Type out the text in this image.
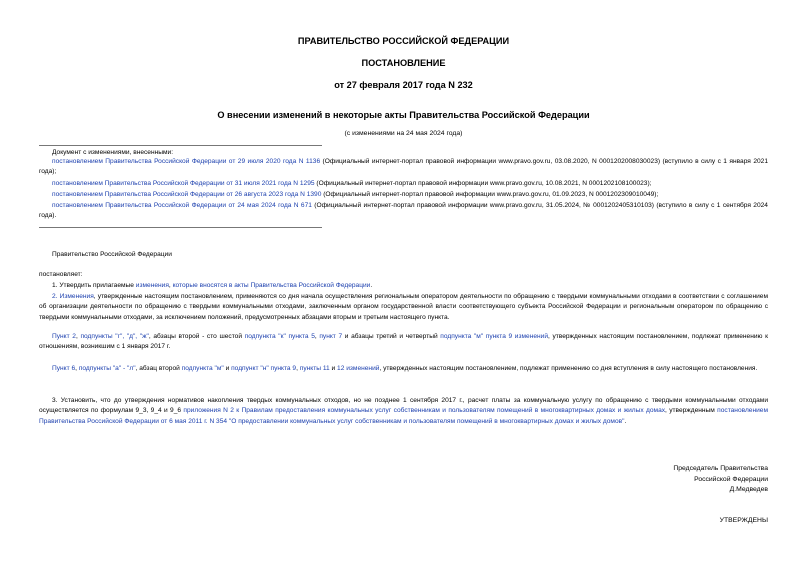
ПРАВИТЕЛЬСТВО РОССИЙСКОЙ ФЕДЕРАЦИИ
ПОСТАНОВЛЕНИЕ
от 27 февраля 2017 года N 232
О внесении изменений в некоторые акты Правительства Российской Федерации
(с изменениями на 24 мая 2024 года)
Документ с изменениями, внесенными:
постановлением Правительства Российской Федерации от 29 июля 2020 года N 1136 (Официальный интернет-портал правовой информации www.pravo.gov.ru, 03.08.2020, N 0001202008030023) (вступило в силу с 1 января 2021 года);
постановлением Правительства Российской Федерации от 31 июля 2021 года N 1295 (Официальный интернет-портал правовой информации www.pravo.gov.ru, 10.08.2021, N 0001202108100023);
постановлением Правительства Российской Федерации от 26 августа 2023 года N 1390 (Официальный интернет-портал правовой информации www.pravo.gov.ru, 01.09.2023, N 0001202309010049);
постановлением Правительства Российской Федерации от 24 мая 2024 года N 671 (Официальный интернет-портал правовой информации www.pravo.gov.ru, 31.05.2024, № 0001202405310103) (вступило в силу с 1 сентября 2024 года).
Правительство Российской Федерации
постановляет:
1. Утвердить прилагаемые изменения, которые вносятся в акты Правительства Российской Федерации.
2. Изменения, утвержденные настоящим постановлением, применяются со дня начала осуществления региональным оператором деятельности по обращению с твердыми коммунальными отходами в соответствии с соглашением об организации деятельности по обращению с твердыми коммунальными отходами, заключенным органом государственной власти соответствующего субъекта Российской Федерации и региональным оператором по обращению с твердыми коммунальными отходами, за исключением положений, предусмотренных абзацами вторым и третьим настоящего пункта.
Пункт 2, подпункты "г", "д", "ж", абзацы второй - сто шестой подпункта "к" пункта 5, пункт 7 и абзацы третий и четвертый подпункта "м" пункта 9 изменений, утвержденных настоящим постановлением, подлежат применению к отношениям, возникшим с 1 января 2017 г.
Пункт 6, подпункты "а" - "л", абзац второй подпункта "м" и подпункт "н" пункта 9, пункты 11 и 12 изменений, утвержденных настоящим постановлением, подлежат применению со дня вступления в силу настоящего постановления.
3. Установить, что до утверждения нормативов накопления твердых коммунальных отходов, но не позднее 1 сентября 2017 г., расчет платы за коммунальную услугу по обращению с твердыми коммунальными отходами осуществляется по формулам 9_3, 9_4 и 9_6 приложения N 2 к Правилам предоставления коммунальных услуг собственникам и пользователям помещений в многоквартирных домах и жилых домах, утвержденным постановлением Правительства Российской Федерации от 6 мая 2011 г. N 354 "О предоставлении коммунальных услуг собственникам и пользователям помещений в многоквартирных домах и жилых домов".
Председатель Правительства
Российской Федерации
Д.Медведев
УТВЕРЖДЕНЫ
